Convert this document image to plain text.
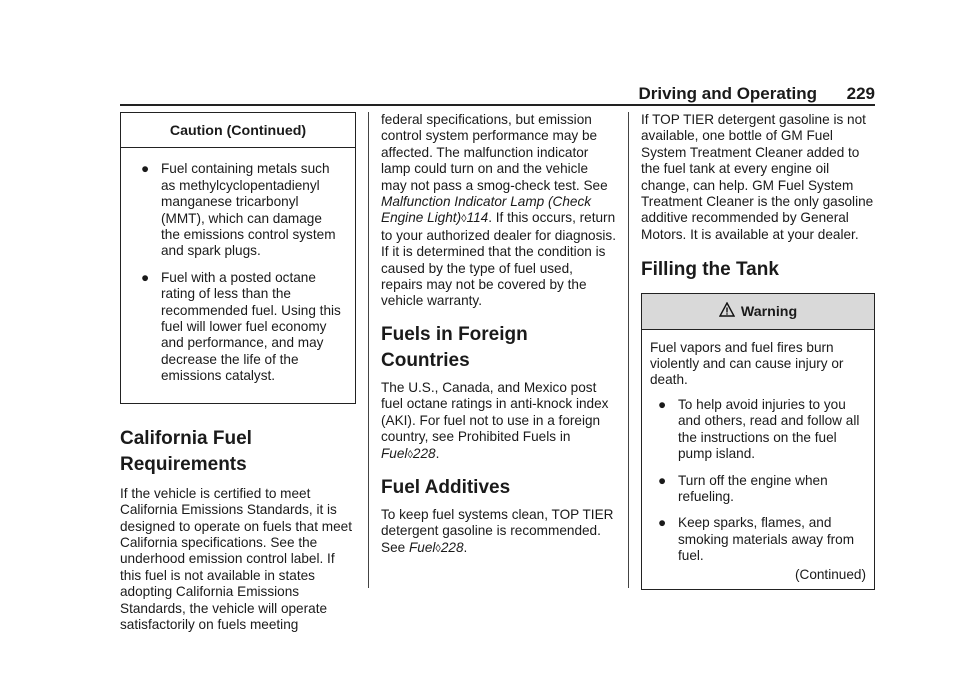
Driving and Operating 229
Caution (Continued)
● Fuel containing metals such as methylcyclopentadienyl manganese tricarbonyl (MMT), which can damage the emissions control system and spark plugs.
● Fuel with a posted octane rating of less than the recommended fuel. Using this fuel will lower fuel economy and performance, and may decrease the life of the emissions catalyst.
California Fuel Requirements

If the vehicle is certified to meet California Emissions Standards, it is designed to operate on fuels that meet California specifications. See the underhood emission control label. If this fuel is not available in states adopting California Emissions Standards, the vehicle will operate satisfactorily on fuels meeting

federal specifications, but emission control system performance may be affected. The malfunction indicator lamp could turn on and the vehicle may not pass a smog-check test. See Malfunction Indicator Lamp (Check Engine Light)◊114. If this occurs, return to your authorized dealer for diagnosis. If it is determined that the condition is caused by the type of fuel used, repairs may not be covered by the vehicle warranty.

Fuels in Foreign Countries

The U.S., Canada, and Mexico post fuel octane ratings in anti-knock index (AKI). For fuel not to use in a foreign country, see Prohibited Fuels in Fuel◊228.

Fuel Additives

To keep fuel systems clean, TOP TIER detergent gasoline is recommended. See Fuel◊228.

If TOP TIER detergent gasoline is not available, one bottle of GM Fuel System Treatment Cleaner added to the fuel tank at every engine oil change, can help. GM Fuel System Treatment Cleaner is the only gasoline additive recommended by General Motors. It is available at your dealer.

Filling the Tank
Warning

Fuel vapors and fuel fires burn violently and can cause injury or death.

● To help avoid injuries to you and others, read and follow all the instructions on the fuel pump island.
● Turn off the engine when refueling.
● Keep sparks, flames, and smoking materials away from fuel.
(Continued)
